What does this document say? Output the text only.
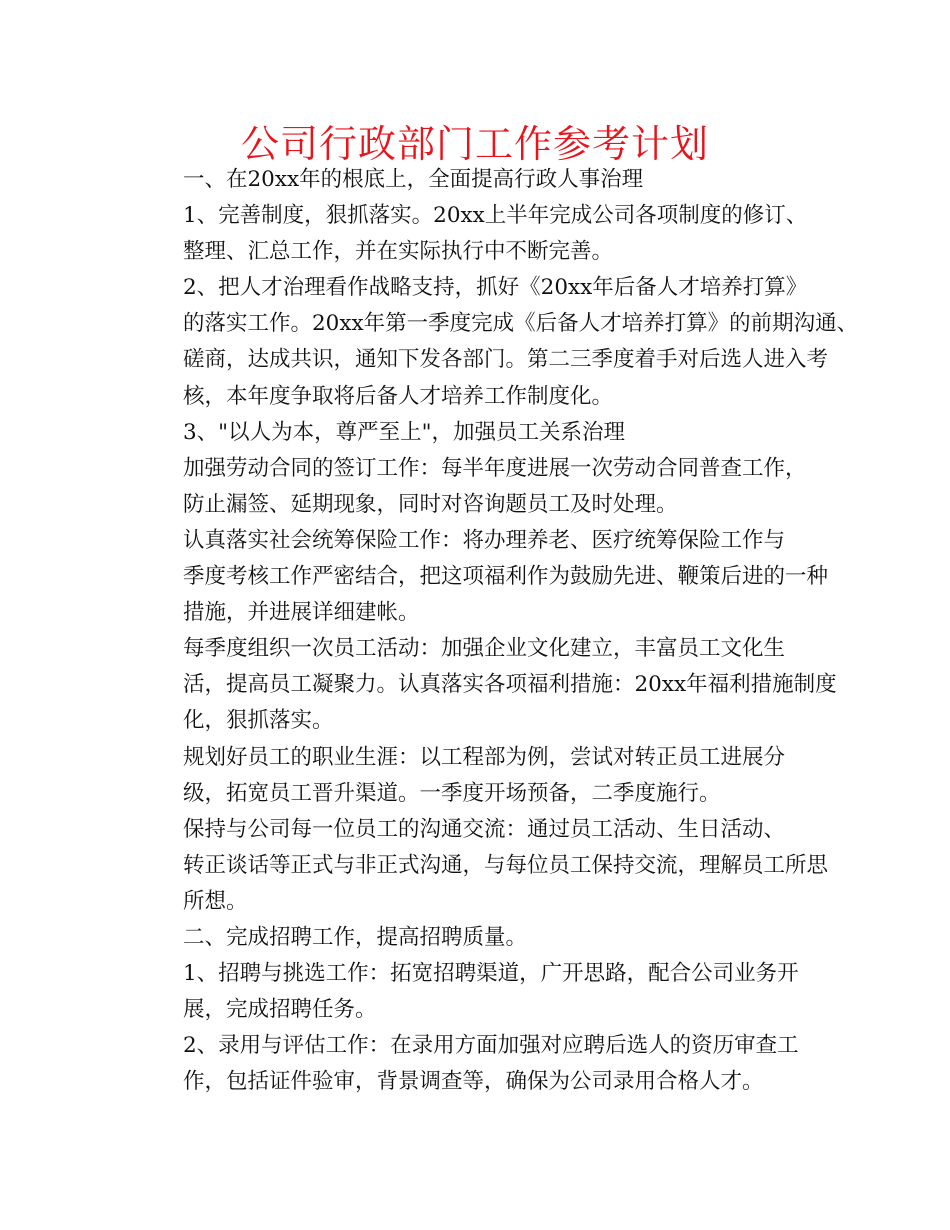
公司行政部门工作参考计划

一、在20xx年的根底上，全面提高行政人事治理

1、完善制度，狠抓落实。20xx上半年完成公司各项制度的修订、
整理、汇总工作，并在实际执行中不断完善。

2、把人才治理看作战略支持，抓好《20xx年后备人才培养打算》
的落实工作。20xx年第一季度完成《后备人才培养打算》的前期沟通、
磋商，达成共识，通知下发各部门。第二三季度着手对后选人进入考
核，本年度争取将后备人才培养工作制度化。

3、"以人为本，尊严至上"，加强员工关系治理

加强劳动合同的签订工作：每半年度进展一次劳动合同普查工作，
防止漏签、延期现象，同时对咨询题员工及时处理。

认真落实社会统筹保险工作：将办理养老、医疗统筹保险工作与
季度考核工作严密结合，把这项福利作为鼓励先进、鞭策后进的一种
措施，并进展详细建帐。

每季度组织一次员工活动：加强企业文化建立，丰富员工文化生
活，提高员工凝聚力。认真落实各项福利措施：20xx年福利措施制度
化，狠抓落实。

规划好员工的职业生涯：以工程部为例，尝试对转正员工进展分
级，拓宽员工晋升渠道。一季度开场预备，二季度施行。

保持与公司每一位员工的沟通交流：通过员工活动、生日活动、
转正谈话等正式与非正式沟通，与每位员工保持交流，理解员工所思
所想。

二、完成招聘工作，提高招聘质量。

1、招聘与挑选工作：拓宽招聘渠道，广开思路，配合公司业务开
展，完成招聘任务。

2、录用与评估工作：在录用方面加强对应聘后选人的资历审查工
作，包括证件验审，背景调查等，确保为公司录用合格人才。
